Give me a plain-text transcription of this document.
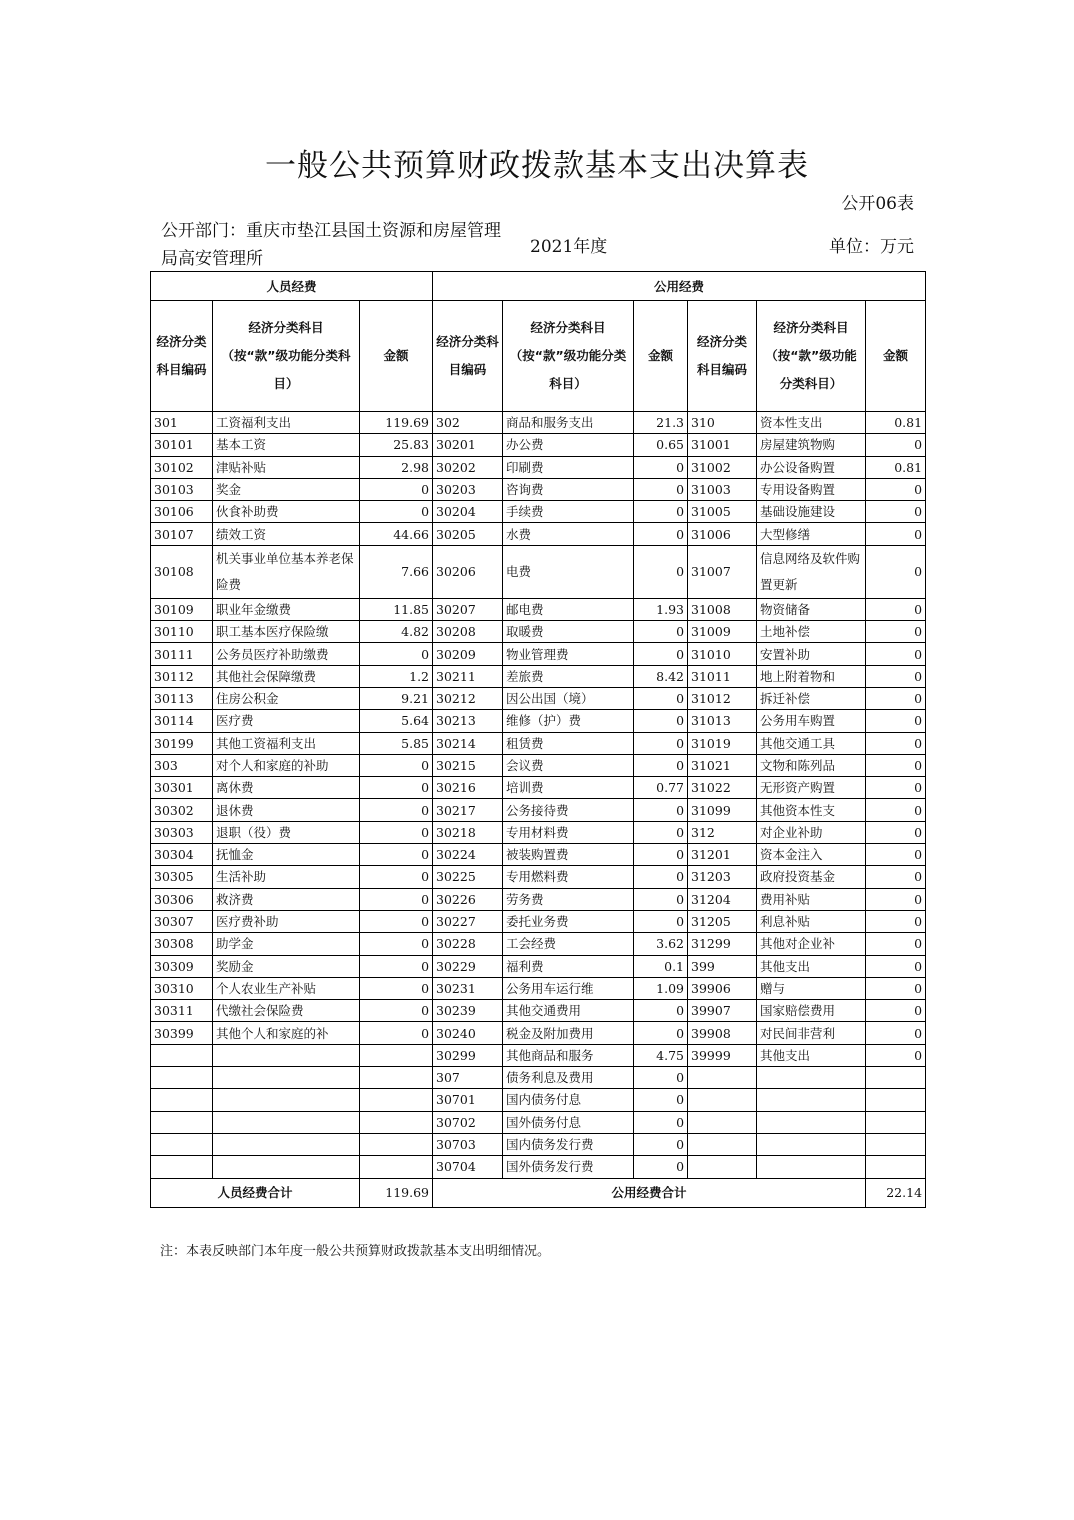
一般公共预算财政拨款基本支出决算表
公开06表
公开部门：重庆市垫江县国土资源和房屋管理局高安管理所
2021年度	单位：万元
人员经费			公用经费					
经济分类科目编码	经济分类科目（按“款”级功能分类科目）	金额	经济分类科目编码	经济分类科目（按“款”级功能分类科目）	金额	经济分类科目编码	经济分类科目（按“款”级功能分类科目）	金额
301	工资福利支出	119.69	302	商品和服务支出	21.3	310	资本性支出	0.81
30101	基本工资	25.83	30201	办公费	0.65	31001	房屋建筑物购	0
30102	津贴补贴	2.98	30202	印刷费	0	31002	办公设备购置	0.81
30103	奖金	0	30203	咨询费	0	31003	专用设备购置	0
30106	伙食补助费	0	30204	手续费	0	31005	基础设施建设	0
30107	绩效工资	44.66	30205	水费	0	31006	大型修缮	0
30108	机关事业单位基本养老保险费	7.66	30206	电费	0	31007	信息网络及软件购置更新	0
30109	职业年金缴费	11.85	30207	邮电费	1.93	31008	物资储备	0
30110	职工基本医疗保险缴	4.82	30208	取暖费	0	31009	土地补偿	0
30111	公务员医疗补助缴费	0	30209	物业管理费	0	31010	安置补助	0
30112	其他社会保障缴费	1.2	30211	差旅费	8.42	31011	地上附着物和	0
30113	住房公积金	9.21	30212	因公出国（境）	0	31012	拆迁补偿	0
30114	医疗费	5.64	30213	维修（护）费	0	31013	公务用车购置	0
30199	其他工资福利支出	5.85	30214	租赁费	0	31019	其他交通工具	0
303	对个人和家庭的补助	0	30215	会议费	0	31021	文物和陈列品	0
30301	离休费	0	30216	培训费	0.77	31022	无形资产购置	0
30302	退休费	0	30217	公务接待费	0	31099	其他资本性支	0
30303	退职（役）费	0	30218	专用材料费	0	312	对企业补助	0
30304	抚恤金	0	30224	被装购置费	0	31201	资本金注入	0
30305	生活补助	0	30225	专用燃料费	0	31203	政府投资基金	0
30306	救济费	0	30226	劳务费	0	31204	费用补贴	0
30307	医疗费补助	0	30227	委托业务费	0	31205	利息补贴	0
30308	助学金	0	30228	工会经费	3.62	31299	其他对企业补	0
30309	奖励金	0	30229	福利费	0.1	399	其他支出	0
30310	个人农业生产补贴	0	30231	公务用车运行维	1.09	39906	赠与	0
30311	代缴社会保险费	0	30239	其他交通费用	0	39907	国家赔偿费用	0
30399	其他个人和家庭的补	0	30240	税金及附加费用	0	39908	对民间非营利	0
			30299	其他商品和服务	4.75	39999	其他支出	0
			307	债务利息及费用	0			
			30701	国内债务付息	0			
			30702	国外债务付息	0			
			30703	国内债务发行费	0			
			30704	国外债务发行费	0			
人员经费合计		119.69	公用经费合计					22.14
注：本表反映部门本年度一般公共预算财政拨款基本支出明细情况。
